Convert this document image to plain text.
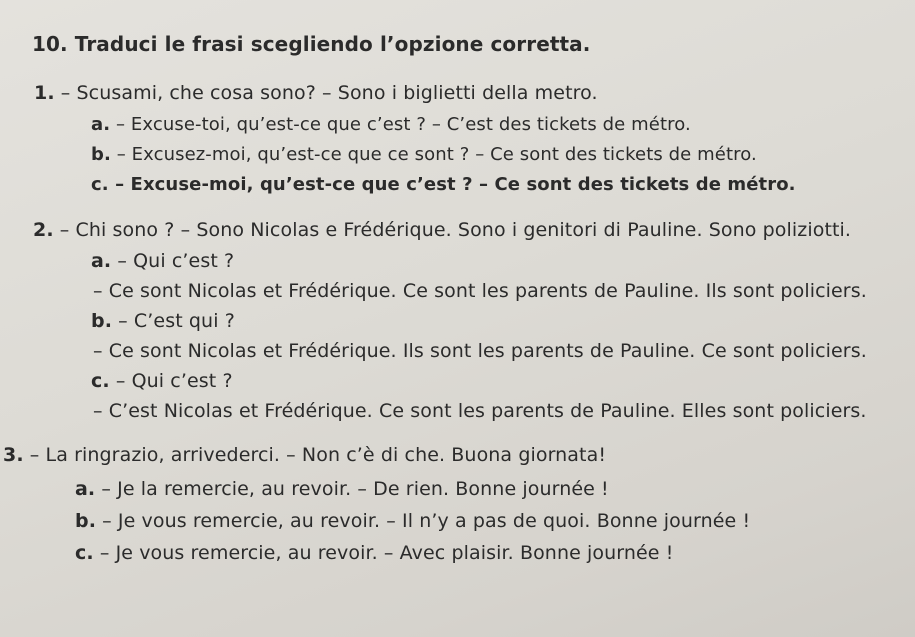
10. Traduci le frasi scegliendo l’opzione corretta.
1. – Scusami, che cosa sono? – Sono i biglietti della metro.
a. – Excuse-toi, qu’est-ce que c’est ? – C’est des tickets de métro.
b. – Excusez-moi, qu’est-ce que ce sont ? – Ce sont des tickets de métro.
c. – Excuse-moi, qu’est-ce que c’est ? – Ce sont des tickets de métro.
2. – Chi sono ? – Sono Nicolas e Frédérique. Sono i genitori di Pauline. Sono poliziotti.
a. – Qui c’est ?
– Ce sont Nicolas et Frédérique. Ce sont les parents de Pauline. Ils sont policiers.
b. – C’est qui ?
– Ce sont Nicolas et Frédérique. Ils sont les parents de Pauline. Ce sont policiers.
c. – Qui c’est ?
– C’est Nicolas et Frédérique. Ce sont les parents de Pauline. Elles sont policiers.
3. – La ringrazio, arrivederci. – Non c’è di che. Buona giornata!
a. – Je la remercie, au revoir. – De rien. Bonne journée !
b. – Je vous remercie, au revoir. – Il n’y a pas de quoi. Bonne journée !
c. – Je vous remercie, au revoir. – Avec plaisir. Bonne journée !
